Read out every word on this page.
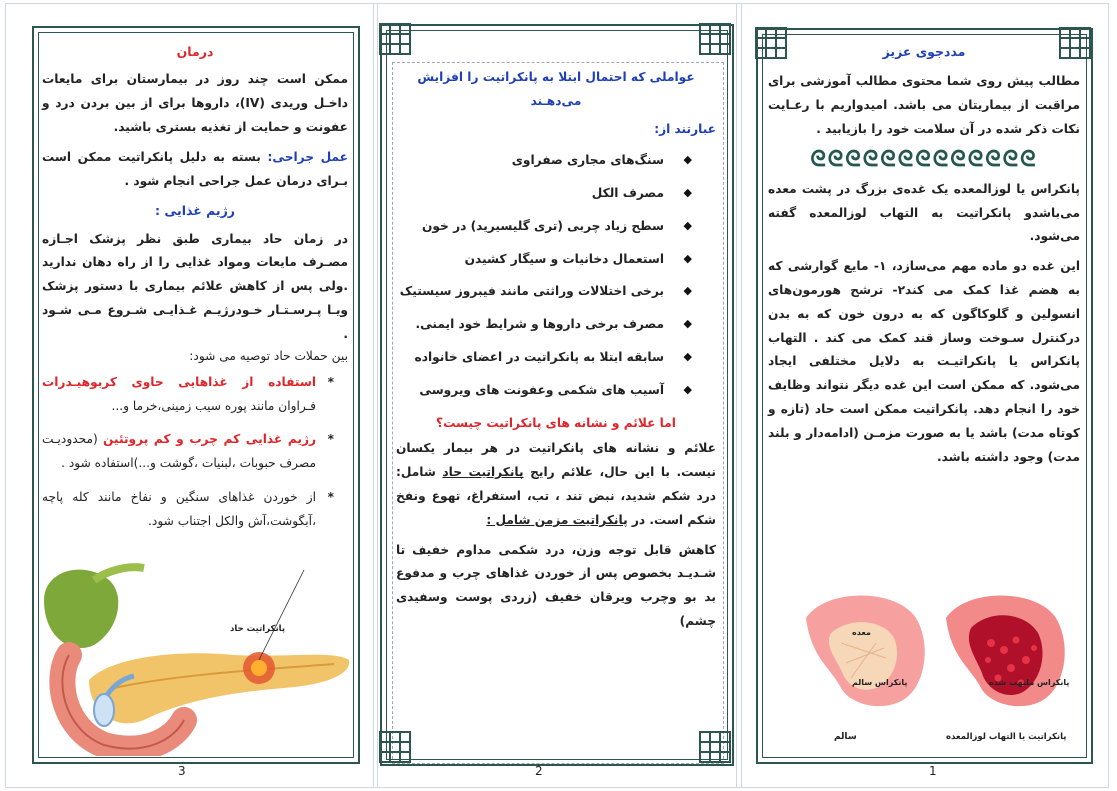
مددجوی عزیز

مطالب پیش روی شما محتوی مطالب آموزشی برای مراقبت از بیماریتان می باشد. امیدواریم با رعـایت نکات ذکر شده در آن سلامت خود را بازیابید .

ᘓᘓᘓᘓᘓᘓᘓᘓᘓᘓᘓᘓᘓ

پانکراس یا لوزالمعده یک غده‌ی بزرگ در پشت معده می‌باشدو پانکراتیت به التهاب لوزالمعده گفته می‌شود.

این غده دو ماده مهم می‌سازد، ۱- مایع گوارشی که به هضم غذا کمک می کند۲- ترشح هورمون‌های انسولین و گلوکاگون که به درون خون که به بدن درکنترل سـوخت وساز قند کمک می کند . التهاب پانکراس یا پانکراتیـت به دلایل مختلفی ایجاد می‌شود. که ممکن است این غده دیگر نتواند وظایف خود را انجام دهد. پانکراتیت ممکن است حاد (تازه و کوتاه مدت) باشد یا به صورت مزمـن (ادامه‌دار و بلند مدت) وجود داشته باشد.

معده
پانکراس سالم	پانکراس ملتهب شده
سالم	پانکراتیت یا التهاب لوزالمعده
1
عواملی که احتمال ابتلا به پانکراتیت را افزایش می‌دهـند
عبارتند از:
◆ سنگ‌های مجاری صفراوی
◆ مصرف الکل
◆ سطح زیاد چربی (تری گلیسیرید) در خون
◆ استعمال دخانیات و سیگار کشیدن
◆ برخی اختلالات وراثتی مانند فیبروز سیستیک
◆ مصرف برخی داروها و شرایط خود ایمنی.
◆ سابقه ابتلا به پانکراتیت در اعضای خانواده
◆ آسیب های شکمی وعفونت های ویروسی
اما علائم و نشانه های پانکراتیت چیست؟

علائم و نشانه های پانکراتیت در هر بیمار یکسان نیست. با این حال، علائم رایج پانکراتیت حاد شامل: درد شکم شدید، نبض تند ، تب، استفراغ، تهوع ونفخ شکم است. در پانکراتیت مزمن شامل :

کاهش قابل توجه وزن، درد شکمی مداوم خفیف تا شـدیـد بخصوص پس از خوردن غذاهای چرب و مدفوع بد بو وچرب ویرقان خفیف (زردی پوست وسفیدی چشم)

2
درمان

ممکن است چند روز در بیمارستان برای مایعات داخـل وریدی (IV)، داروها برای از بین بردن درد و عفونت و حمایت از تغذیه بستری باشید.

عمل جراحی: بسته به دلیل پانکراتیت ممکن است بـرای درمان عمل جراحی انجام شود .

رژیم غذایی :

در زمان حاد بیماری طبق نظر پزشک اجـازه مصـرف مایعات ومواد غذایی را از راه دهان ندارید .ولی پس از کاهش علائم بیماری با دستور پزشک ویـا پـرسـتـار خـودرژیـم غـذایـی شـروع مـی شـود .

بین حملات حاد توصیه می شود:

* استفاده از غذاهایی حاوی کربوهیـدرات فـراوان مانند پوره سیب زمینی،خرما و...
* رژیم غذایی کم چرب و کم پروتئین (محدودیـت مصرف حبوبات ،لبنیات ،گوشت و...)استفاده شود .
* از خوردن غذاهای سنگین و نفاخ مانند کله پاچه ،آبگوشت،آش والکل اجتناب شود.
پانکراتیت حاد
3
